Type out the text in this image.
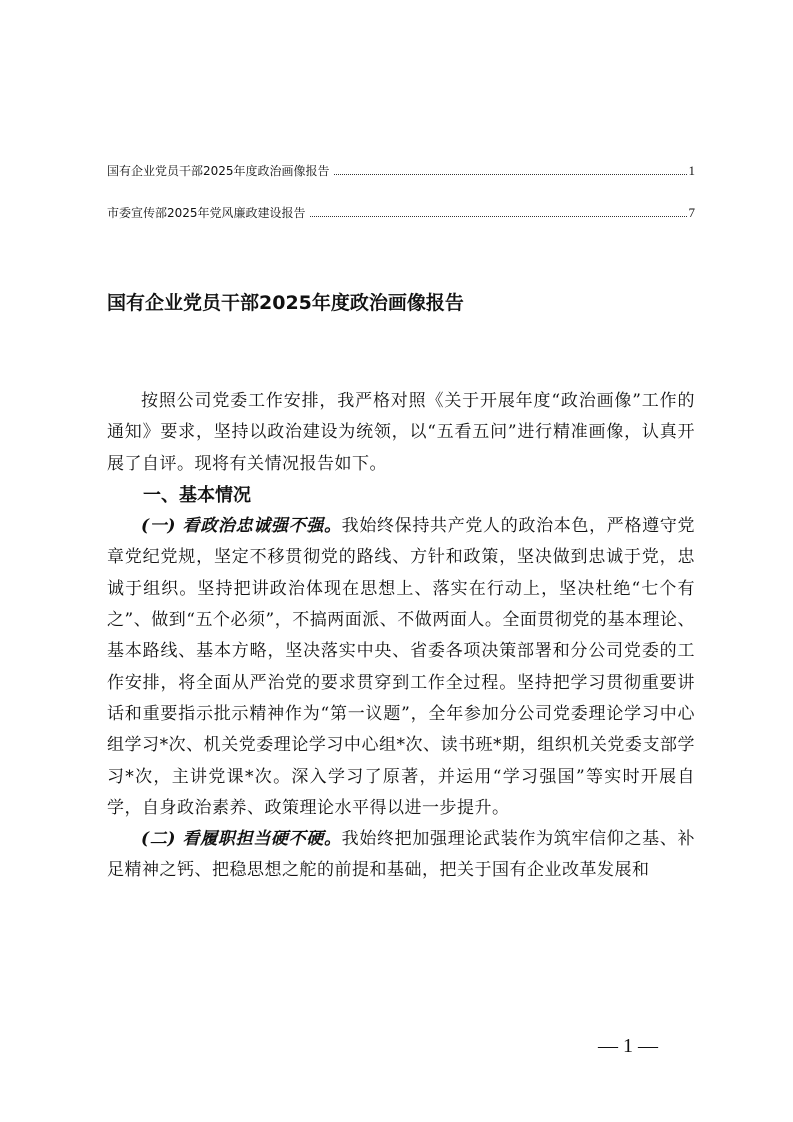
国有企业党员干部2025年度政治画像报告	1
市委宣传部2025年党风廉政建设报告	7
国有企业党员干部2025年度政治画像报告

按照公司党委工作安排，我严格对照《关于开展年度“政治画像”工作的通知》要求，坚持以政治建设为统领，以“五看五问”进行精准画像，认真开展了自评。现将有关情况报告如下。

一、基本情况

(一) 看政治忠诚强不强。我始终保持共产党人的政治本色，严格遵守党章党纪党规，坚定不移贯彻党的路线、方针和政策，坚决做到忠诚于党，忠诚于组织。坚持把讲政治体现在思想上、落实在行动上，坚决杜绝“七个有之”、做到“五个必须”，不搞两面派、不做两面人。全面贯彻党的基本理论、基本路线、基本方略，坚决落实中央、省委各项决策部署和分公司党委的工作安排，将全面从严治党的要求贯穿到工作全过程。坚持把学习贯彻重要讲话和重要指示批示精神作为“第一议题”，全年参加分公司党委理论学习中心组学习*次、机关党委理论学习中心组*次、读书班*期，组织机关党委支部学习*次，主讲党课*次。深入学习了原著，并运用“学习强国”等实时开展自学，自身政治素养、政策理论水平得以进一步提升。

(二) 看履职担当硬不硬。我始终把加强理论武装作为筑牢信仰之基、补足精神之钙、把稳思想之舵的前提和基础，把关于国有企业改革发展和

— 1 —
